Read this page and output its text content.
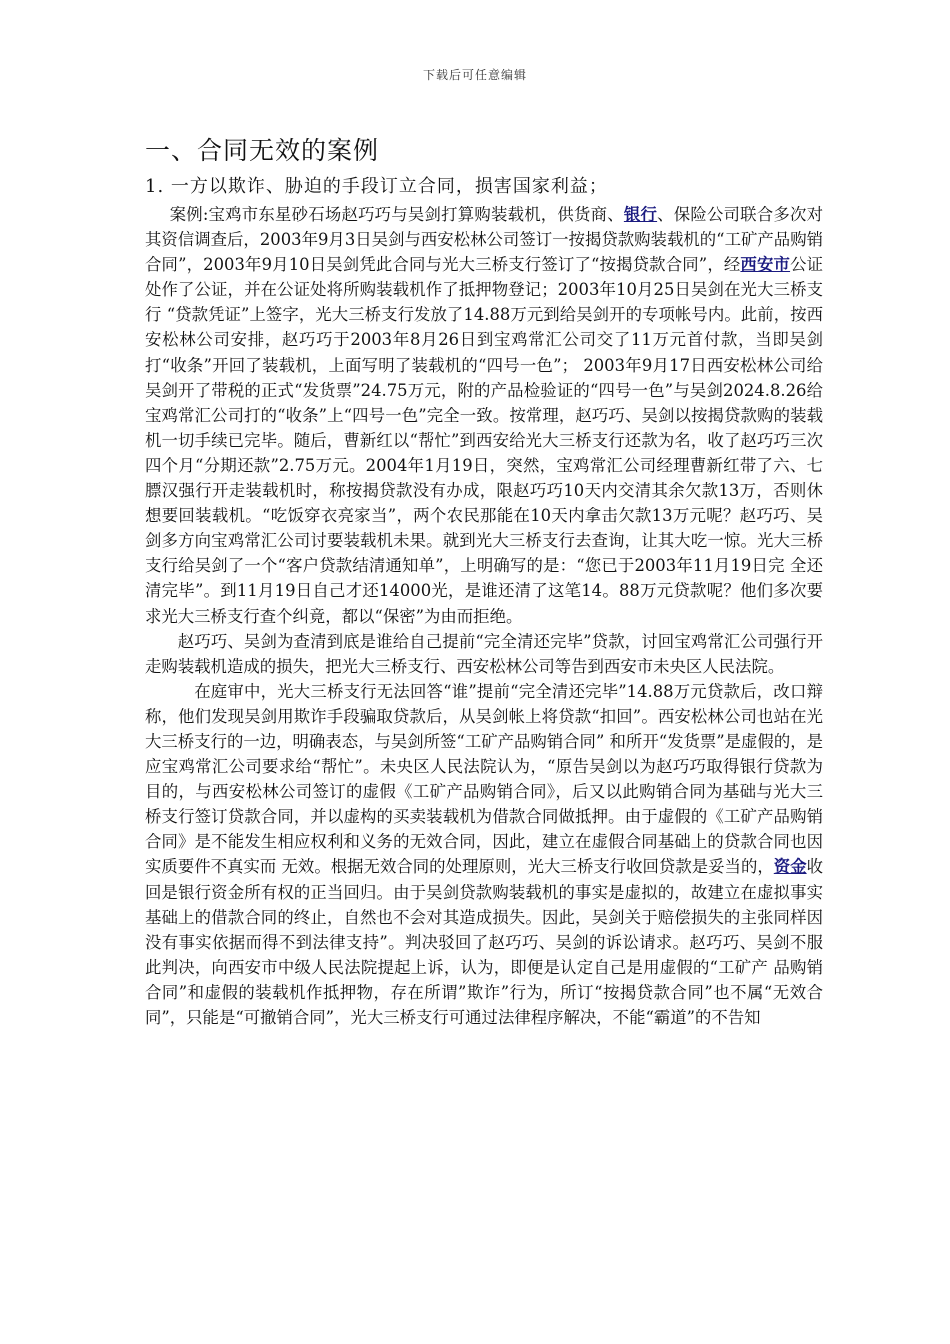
下载后可任意编辑
一、合同无效的案例
1. 一方以欺诈、胁迫的手段订立合同，损害国家利益；

案例:宝鸡市东星砂石场赵巧巧与吴剑打算购装载机，供货商、银行、保险公司联合多次对其资信调查后，2003年9月3日吴剑与西安松林公司签订一按揭贷款购装载机的“工矿产品购销合同”，2003年9月10日吴剑凭此合同与光大三桥支行签订了“按揭贷款合同”，经西安市公证处作了公证，并在公证处将所购装载机作了抵押物登记；2003年10月25日吴剑在光大三桥支行 “贷款凭证”上签字，光大三桥支行发放了14.88万元到给吴剑开的专项帐号内。此前，按西安松林公司安排，赵巧巧于2003年8月26日到宝鸡常汇公司交了11万元首付款，当即吴剑打“收条”开回了装载机，上面写明了装载机的“四号一色”； 2003年9月17日西安松林公司给吴剑开了带税的正式“发货票”24.75万元，附的产品检验证的“四号一色”与吴剑2024.8.26给宝鸡常汇公司打的“收条”上“四号一色”完全一致。按常理，赵巧巧、吴剑以按揭贷款购的装载机一切手续已完毕。随后，曹新红以“帮忙”到西安给光大三桥支行还款为名，收了赵巧巧三次四个月“分期还款”2.75万元。2004年1月19日，突然，宝鸡常汇公司经理曹新红带了六、七膘汉强行开走装载机时，称按揭贷款没有办成，限赵巧巧10天内交清其余欠款13万，否则休想要回装载机。“吃饭穿衣亮家当”，两个农民那能在10天内拿击欠款13万元呢？赵巧巧、吴剑多方向宝鸡常汇公司讨要装载机未果。就到光大三桥支行去查询，让其大吃一惊。光大三桥支行给吴剑了一个“客户贷款结清通知单”，上明确写的是：“您已于2003年11月19日完 全还清完毕”。到11月19日自己才还14000光，是谁还清了这笔14。88万元贷款呢？他们多次要求光大三桥支行查个纠竟，都以“保密”为由而拒绝。

赵巧巧、吴剑为查清到底是谁给自己提前“完全清还完毕”贷款，讨回宝鸡常汇公司强行开走购装载机造成的损失，把光大三桥支行、西安松林公司等告到西安市未央区人民法院。

在庭审中，光大三桥支行无法回答“谁”提前“完全清还完毕”14.88万元贷款后，改口辩称，他们发现吴剑用欺诈手段骗取贷款后，从吴剑帐上将贷款“扣回”。西安松林公司也站在光大三桥支行的一边，明确表态，与吴剑所签“工矿产品购销合同” 和所开“发货票”是虚假的，是应宝鸡常汇公司要求给“帮忙”。未央区人民法院认为，“原告吴剑以为赵巧巧取得银行贷款为目的，与西安松林公司签订的虚假《工矿产品购销合同》，后又以此购销合同为基础与光大三桥支行签订贷款合同，并以虚构的买卖装载机为借款合同做抵押。由于虚假的《工矿产品购销合同》是不能发生相应权利和义务的无效合同，因此，建立在虚假合同基础上的贷款合同也因实质要件不真实而 无效。根据无效合同的处理原则，光大三桥支行收回贷款是妥当的，资金收回是银行资金所有权的正当回归。由于吴剑贷款购装载机的事实是虚拟的，故建立在虚拟事实基础上的借款合同的终止，自然也不会对其造成损失。因此，吴剑关于赔偿损失的主张同样因没有事实依据而得不到法律支持”。判决驳回了赵巧巧、吴剑的诉讼请求。赵巧巧、吴剑不服此判决，向西安市中级人民法院提起上诉，认为，即便是认定自己是用虚假的“工矿产 品购销合同”和虚假的装载机作抵押物，存在所谓”欺诈”行为，所订“按揭贷款合同”也不属“无效合同”，只能是“可撤销合同”，光大三桥支行可通过法律程序解决，不能“霸道”的不告知
